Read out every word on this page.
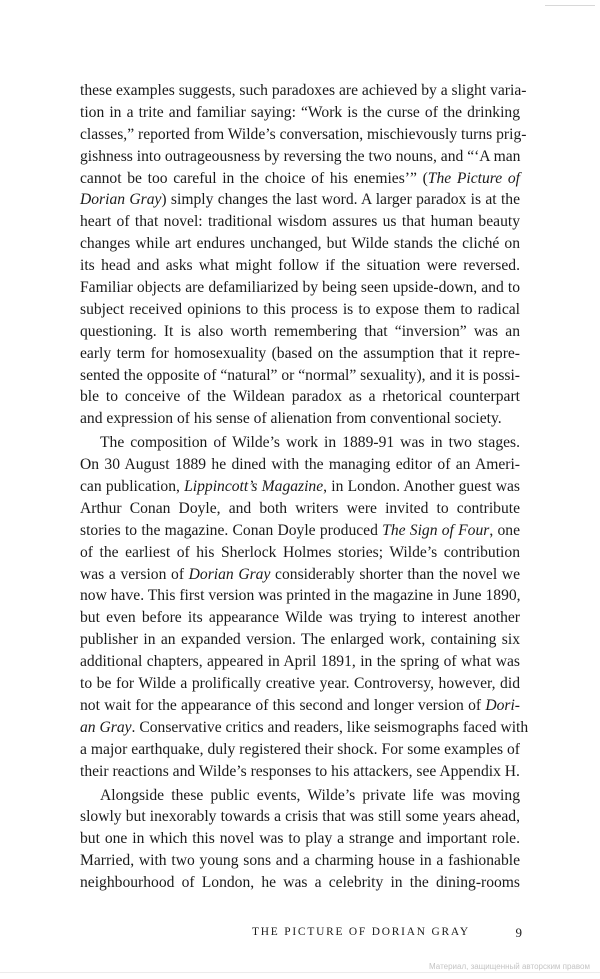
these examples suggests, such paradoxes are achieved by a slight varia-
tion in a trite and familiar saying: “Work is the curse of the drinking
classes,” reported from Wilde’s conversation, mischievously turns prig-
gishness into outrageousness by reversing the two nouns, and “‘A man
cannot be too careful in the choice of his enemies’” (The Picture of
Dorian Gray) simply changes the last word. A larger paradox is at the
heart of that novel: traditional wisdom assures us that human beauty
changes while art endures unchanged, but Wilde stands the cliché on
its head and asks what might follow if the situation were reversed.
Familiar objects are defamiliarized by being seen upside-down, and to
subject received opinions to this process is to expose them to radical
questioning. It is also worth remembering that “inversion” was an
early term for homosexuality (based on the assumption that it repre-
sented the opposite of “natural” or “normal” sexuality), and it is possi-
ble to conceive of the Wildean paradox as a rhetorical counterpart
and expression of his sense of alienation from conventional society.
The composition of Wilde’s work in 1889-91 was in two stages.
On 30 August 1889 he dined with the managing editor of an Ameri-
can publication, Lippincott’s Magazine, in London. Another guest was
Arthur Conan Doyle, and both writers were invited to contribute
stories to the magazine. Conan Doyle produced The Sign of Four, one
of the earliest of his Sherlock Holmes stories; Wilde’s contribution
was a version of Dorian Gray considerably shorter than the novel we
now have. This first version was printed in the magazine in June 1890,
but even before its appearance Wilde was trying to interest another
publisher in an expanded version. The enlarged work, containing six
additional chapters, appeared in April 1891, in the spring of what was
to be for Wilde a prolifically creative year. Controversy, however, did
not wait for the appearance of this second and longer version of Dori-
an Gray. Conservative critics and readers, like seismographs faced with
a major earthquake, duly registered their shock. For some examples of
their reactions and Wilde’s responses to his attackers, see Appendix H.
Alongside these public events, Wilde’s private life was moving
slowly but inexorably towards a crisis that was still some years ahead,
but one in which this novel was to play a strange and important role.
Married, with two young sons and a charming house in a fashionable
neighbourhood of London, he was a celebrity in the dining-rooms
THE PICTURE OF DORIAN GRAY	9
Материал, защищенный авторским правом
